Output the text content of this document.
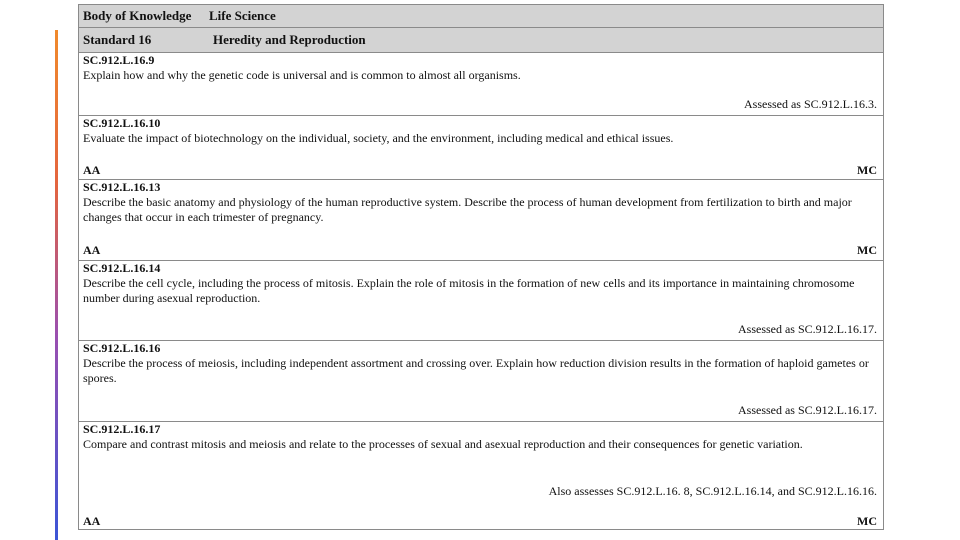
Body of Knowledge Life Science
Standard 16	Heredity and Reproduction
SC.912.L.16.9
Explain how and why the genetic code is universal and is common to almost all organisms.
Assessed as SC.912.L.16.3.
SC.912.L.16.10
Evaluate the impact of biotechnology on the individual, society, and the environment, including medical and ethical issues.
AA	MC
SC.912.L.16.13
Describe the basic anatomy and physiology of the human reproductive system. Describe the process of human development from fertilization to birth and major changes that occur in each trimester of pregnancy.
AA	MC
SC.912.L.16.14
Describe the cell cycle, including the process of mitosis. Explain the role of mitosis in the formation of new cells and its importance in maintaining chromosome number during asexual reproduction.
Assessed as SC.912.L.16.17.
SC.912.L.16.16
Describe the process of meiosis, including independent assortment and crossing over. Explain how reduction division results in the formation of haploid gametes or spores.
Assessed as SC.912.L.16.17.
SC.912.L.16.17
Compare and contrast mitosis and meiosis and relate to the processes of sexual and asexual reproduction and their consequences for genetic variation.
Also assesses SC.912.L.16. 8, SC.912.L.16.14, and SC.912.L.16.16.
AA	MC
